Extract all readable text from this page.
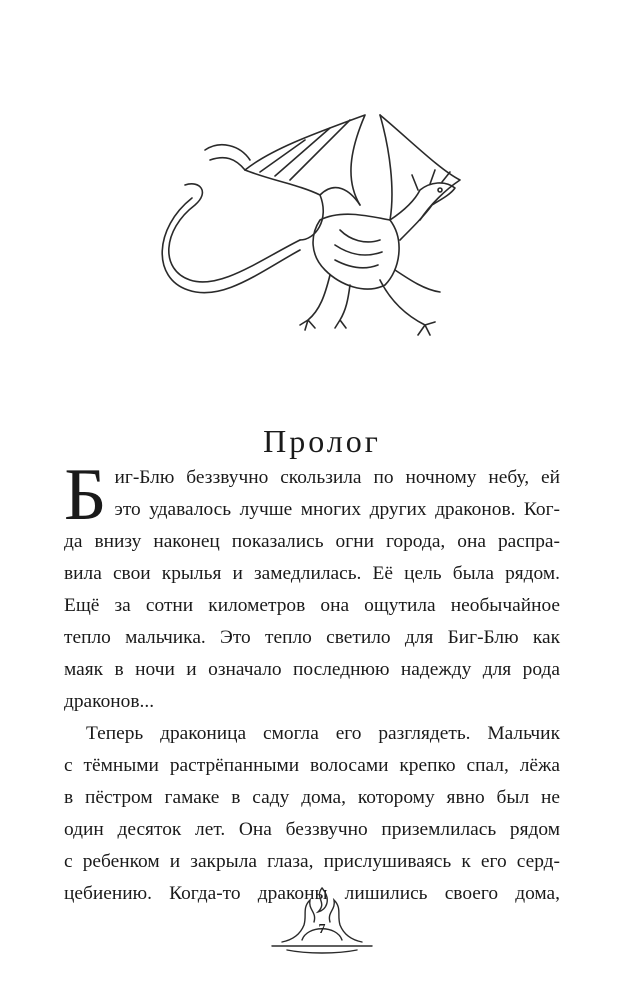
Пролог
Б иг-Блю беззвучно скользила по ночному небу, ей
это удавалось лучше многих других драконов. Ког-
да внизу наконец показались огни города, она распра-
вила свои крылья и замедлилась. Её цель была рядом.
Ещё за сотни километров она ощутила необычайное
тепло мальчика. Это тепло светило для Биг-Блю как
маяк в ночи и означало последнюю надежду для рода
драконов...
Теперь драконица смогла его разглядеть. Мальчик
с тёмными растрёпанными волосами крепко спал, лёжа
в пёстром гамаке в саду дома, которому явно был не
один десяток лет. Она беззвучно приземлилась рядом
с ребенком и закрыла глаза, прислушиваясь к его серд-
цебиению. Когда-то драконы лишились своего дома,
7
